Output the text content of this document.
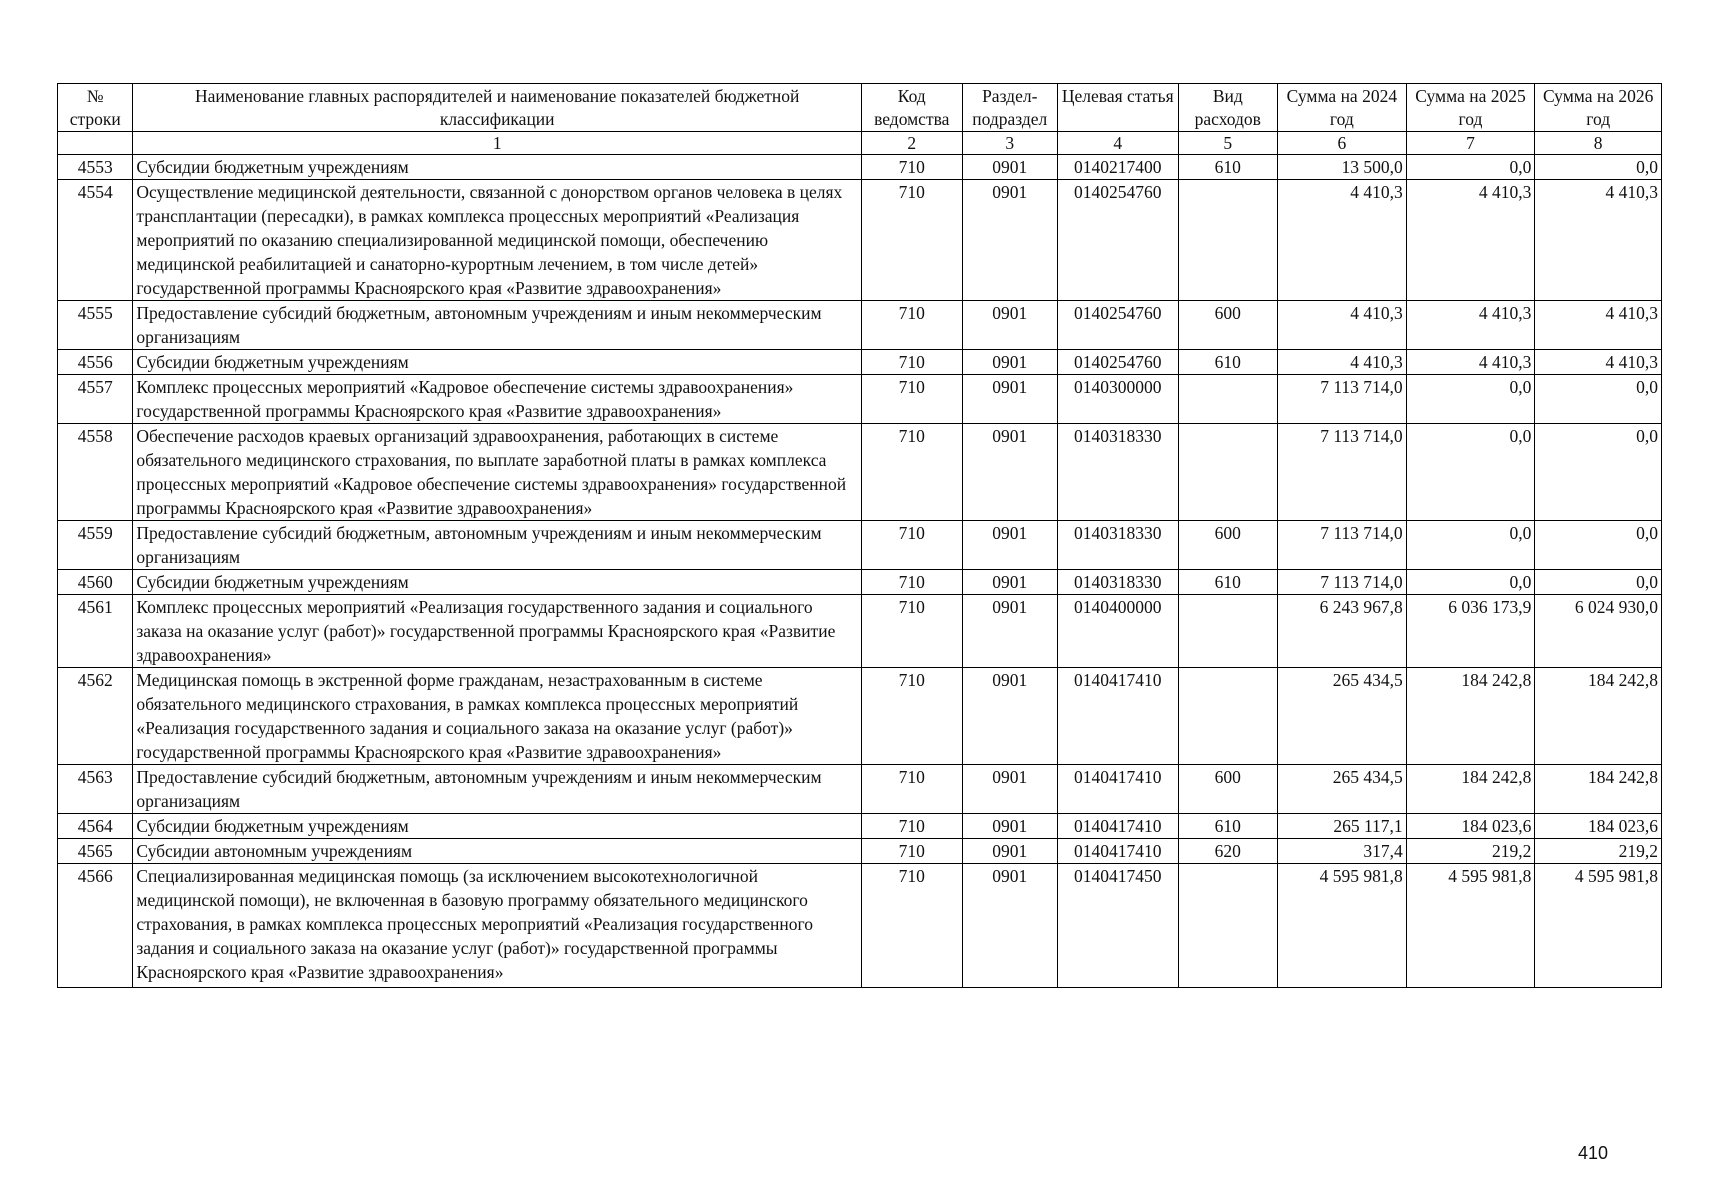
№ строки	Наименование главных распорядителей и наименование показателей бюджетной классификации	Код ведомства	Раздел-подраздел	Целевая статья	Вид расходов	Сумма на 2024 год	Сумма на 2025 год	Сумма на 2026 год
	1	2	3	4	5	6	7	8
4553	Субсидии бюджетным учреждениям	710	0901	0140217400	610	13 500,0	0,0	0,0
4554	Осуществление медицинской деятельности, связанной с донорством органов человека в целях трансплантации (пересадки), в рамках комплекса процессных мероприятий «Реализация мероприятий по оказанию специализированной медицинской помощи, обеспечению медицинской реабилитацией и санаторно-курортным лечением, в том числе детей» государственной программы Красноярского края «Развитие здравоохранения»	710	0901	0140254760		4 410,3	4 410,3	4 410,3
4555	Предоставление субсидий бюджетным, автономным учреждениям и иным некоммерческим организациям	710	0901	0140254760	600	4 410,3	4 410,3	4 410,3
4556	Субсидии бюджетным учреждениям	710	0901	0140254760	610	4 410,3	4 410,3	4 410,3
4557	Комплекс процессных мероприятий «Кадровое обеспечение системы здравоохранения» государственной программы Красноярского края «Развитие здравоохранения»	710	0901	0140300000		7 113 714,0	0,0	0,0
4558	Обеспечение расходов краевых организаций здравоохранения, работающих в системе обязательного медицинского страхования, по выплате заработной платы в рамках комплекса процессных мероприятий «Кадровое обеспечение системы здравоохранения» государственной программы Красноярского края «Развитие здравоохранения»	710	0901	0140318330		7 113 714,0	0,0	0,0
4559	Предоставление субсидий бюджетным, автономным учреждениям и иным некоммерческим организациям	710	0901	0140318330	600	7 113 714,0	0,0	0,0
4560	Субсидии бюджетным учреждениям	710	0901	0140318330	610	7 113 714,0	0,0	0,0
4561	Комплекс процессных мероприятий «Реализация государственного задания и социального заказа на оказание услуг (работ)» государственной программы Красноярского края «Развитие здравоохранения»	710	0901	0140400000		6 243 967,8	6 036 173,9	6 024 930,0
4562	Медицинская помощь в экстренной форме гражданам, незастрахованным в системе обязательного медицинского страхования, в рамках комплекса процессных мероприятий «Реализация государственного задания и социального заказа на оказание услуг (работ)» государственной программы Красноярского края «Развитие здравоохранения»	710	0901	0140417410		265 434,5	184 242,8	184 242,8
4563	Предоставление субсидий бюджетным, автономным учреждениям и иным некоммерческим организациям	710	0901	0140417410	600	265 434,5	184 242,8	184 242,8
4564	Субсидии бюджетным учреждениям	710	0901	0140417410	610	265 117,1	184 023,6	184 023,6
4565	Субсидии автономным учреждениям	710	0901	0140417410	620	317,4	219,2	219,2
4566	Специализированная медицинская помощь (за исключением высокотехнологичной медицинской помощи), не включенная в базовую программу обязательного медицинского страхования, в рамках комплекса процессных мероприятий «Реализация государственного задания и социального заказа на оказание услуг (работ)» государственной программы Красноярского края «Развитие здравоохранения»	710	0901	0140417450		4 595 981,8	4 595 981,8	4 595 981,8
410
